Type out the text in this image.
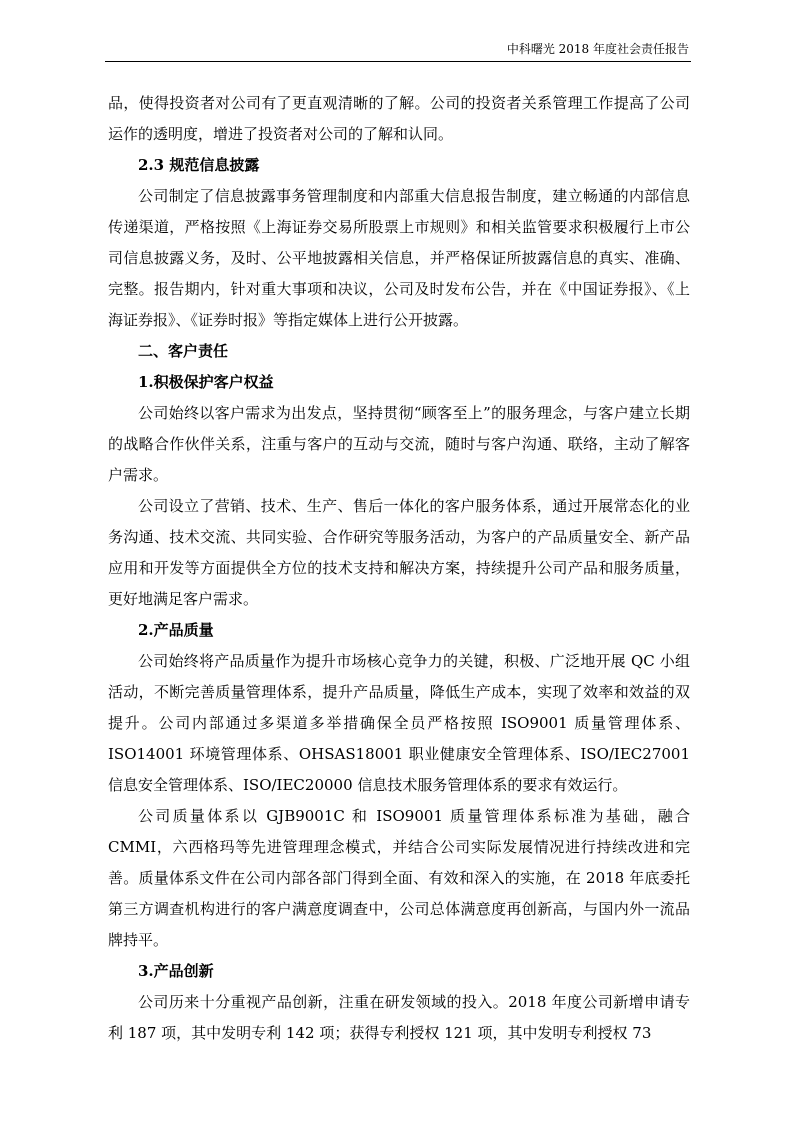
中科曙光 2018 年度社会责任报告

品，使得投资者对公司有了更直观清晰的了解。公司的投资者关系管理工作提高了公司运作的透明度，增进了投资者对公司的了解和认同。

2.3 规范信息披露

公司制定了信息披露事务管理制度和内部重大信息报告制度，建立畅通的内部信息传递渠道，严格按照《上海证券交易所股票上市规则》和相关监管要求积极履行上市公司信息披露义务，及时、公平地披露相关信息，并严格保证所披露信息的真实、准确、完整。报告期内，针对重大事项和决议，公司及时发布公告，并在《中国证券报》、《上海证券报》、《证券时报》等指定媒体上进行公开披露。

二、客户责任
1.积极保护客户权益

公司始终以客户需求为出发点，坚持贯彻“顾客至上”的服务理念，与客户建立长期的战略合作伙伴关系，注重与客户的互动与交流，随时与客户沟通、联络，主动了解客户需求。

公司设立了营销、技术、生产、售后一体化的客户服务体系，通过开展常态化的业务沟通、技术交流、共同实验、合作研究等服务活动，为客户的产品质量安全、新产品应用和开发等方面提供全方位的技术支持和解决方案，持续提升公司产品和服务质量，更好地满足客户需求。

2.产品质量

公司始终将产品质量作为提升市场核心竞争力的关键，积极、广泛地开展 QC 小组活动，不断完善质量管理体系，提升产品质量，降低生产成本，实现了效率和效益的双提升。公司内部通过多渠道多举措确保全员严格按照 ISO9001 质量管理体系、ISO14001 环境管理体系、OHSAS18001 职业健康安全管理体系、ISO/IEC27001 信息安全管理体系、ISO/IEC20000 信息技术服务管理体系的要求有效运行。

公司质量体系以 GJB9001C 和 ISO9001 质量管理体系标准为基础，融合 CMMI，六西格玛等先进管理理念模式，并结合公司实际发展情况进行持续改进和完善。质量体系文件在公司内部各部门得到全面、有效和深入的实施，在 2018 年底委托第三方调查机构进行的客户满意度调查中，公司总体满意度再创新高，与国内外一流品牌持平。

3.产品创新

公司历来十分重视产品创新，注重在研发领域的投入。2018 年度公司新增申请专利 187 项，其中发明专利 142 项；获得专利授权 121 项，其中发明专利授权 73
